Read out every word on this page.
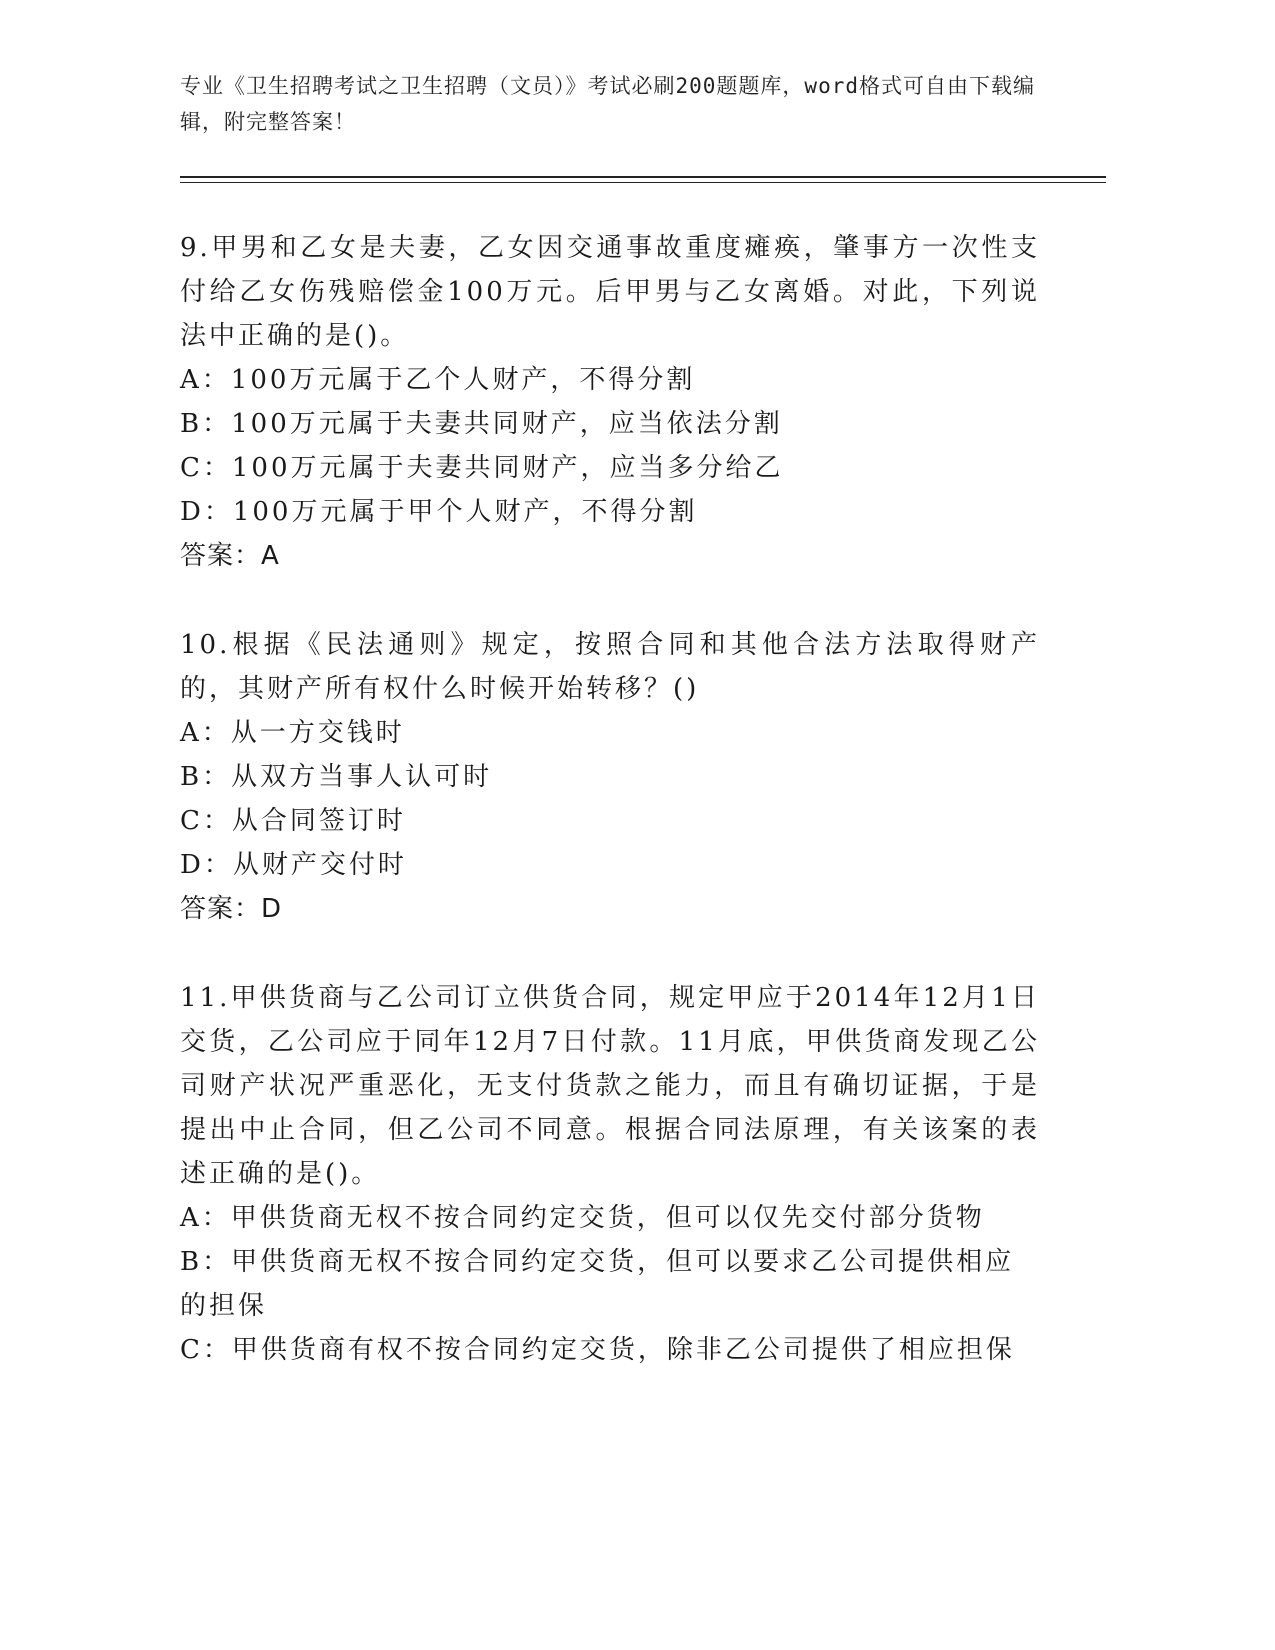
专业《卫生招聘考试之卫生招聘（文员）》考试必刷200题题库，word格式可自由下载编辑，附完整答案！

9.甲男和乙女是夫妻，乙女因交通事故重度瘫痪，肇事方一次性支付给乙女伤残赔偿金100万元。后甲男与乙女离婚。对此，下列说法中正确的是()。

A：100万元属于乙个人财产，不得分割

B：100万元属于夫妻共同财产，应当依法分割

C：100万元属于夫妻共同财产，应当多分给乙

D：100万元属于甲个人财产，不得分割

答案：A

10.根据《民法通则》规定，按照合同和其他合法方法取得财产的，其财产所有权什么时候开始转移？()

A：从一方交钱时

B：从双方当事人认可时

C：从合同签订时

D：从财产交付时

答案：D

11.甲供货商与乙公司订立供货合同，规定甲应于2014年12月1日交货，乙公司应于同年12月7日付款。11月底，甲供货商发现乙公司财产状况严重恶化，无支付货款之能力，而且有确切证据，于是提出中止合同，但乙公司不同意。根据合同法原理，有关该案的表述正确的是()。

A：甲供货商无权不按合同约定交货，但可以仅先交付部分货物

B：甲供货商无权不按合同约定交货，但可以要求乙公司提供相应的担保

C：甲供货商有权不按合同约定交货，除非乙公司提供了相应担保
